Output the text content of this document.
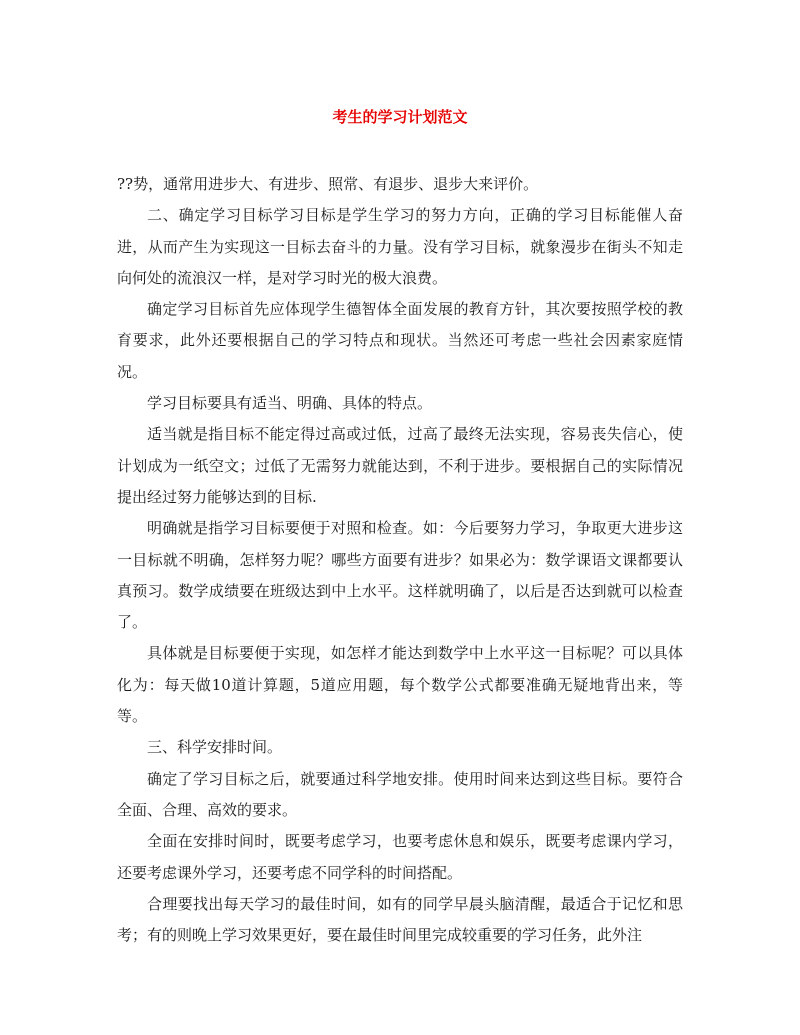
考生的学习计划范文

??势，通常用进步大、有进步、照常、有退步、退步大来评价。

二、确定学习目标学习目标是学生学习的努力方向，正确的学习目标能催人奋进，从而产生为实现这一目标去奋斗的力量。没有学习目标，就象漫步在街头不知走向何处的流浪汉一样，是对学习时光的极大浪费。

确定学习目标首先应体现学生德智体全面发展的教育方针，其次要按照学校的教育要求，此外还要根据自己的学习特点和现状。当然还可考虑一些社会因素家庭情况。

学习目标要具有适当、明确、具体的特点。

适当就是指目标不能定得过高或过低，过高了最终无法实现，容易丧失信心，使计划成为一纸空文；过低了无需努力就能达到，不利于进步。要根据自己的实际情况提出经过努力能够达到的目标.

明确就是指学习目标要便于对照和检查。如：今后要努力学习，争取更大进步这一目标就不明确，怎样努力呢？哪些方面要有进步？如果必为：数学课语文课都要认真预习。数学成绩要在班级达到中上水平。这样就明确了，以后是否达到就可以检查了。

具体就是目标要便于实现，如怎样才能达到数学中上水平这一目标呢？可以具体化为：每天做10道计算题，5道应用题，每个数学公式都要准确无疑地背出来，等等。

三、科学安排时间。

确定了学习目标之后，就要通过科学地安排。使用时间来达到这些目标。要符合全面、合理、高效的要求。

全面在安排时间时，既要考虑学习，也要考虑休息和娱乐，既要考虑课内学习，还要考虑课外学习，还要考虑不同学科的时间搭配。

合理要找出每天学习的最佳时间，如有的同学早晨头脑清醒，最适合于记忆和思考；有的则晚上学习效果更好，要在最佳时间里完成较重要的学习任务，此外注
